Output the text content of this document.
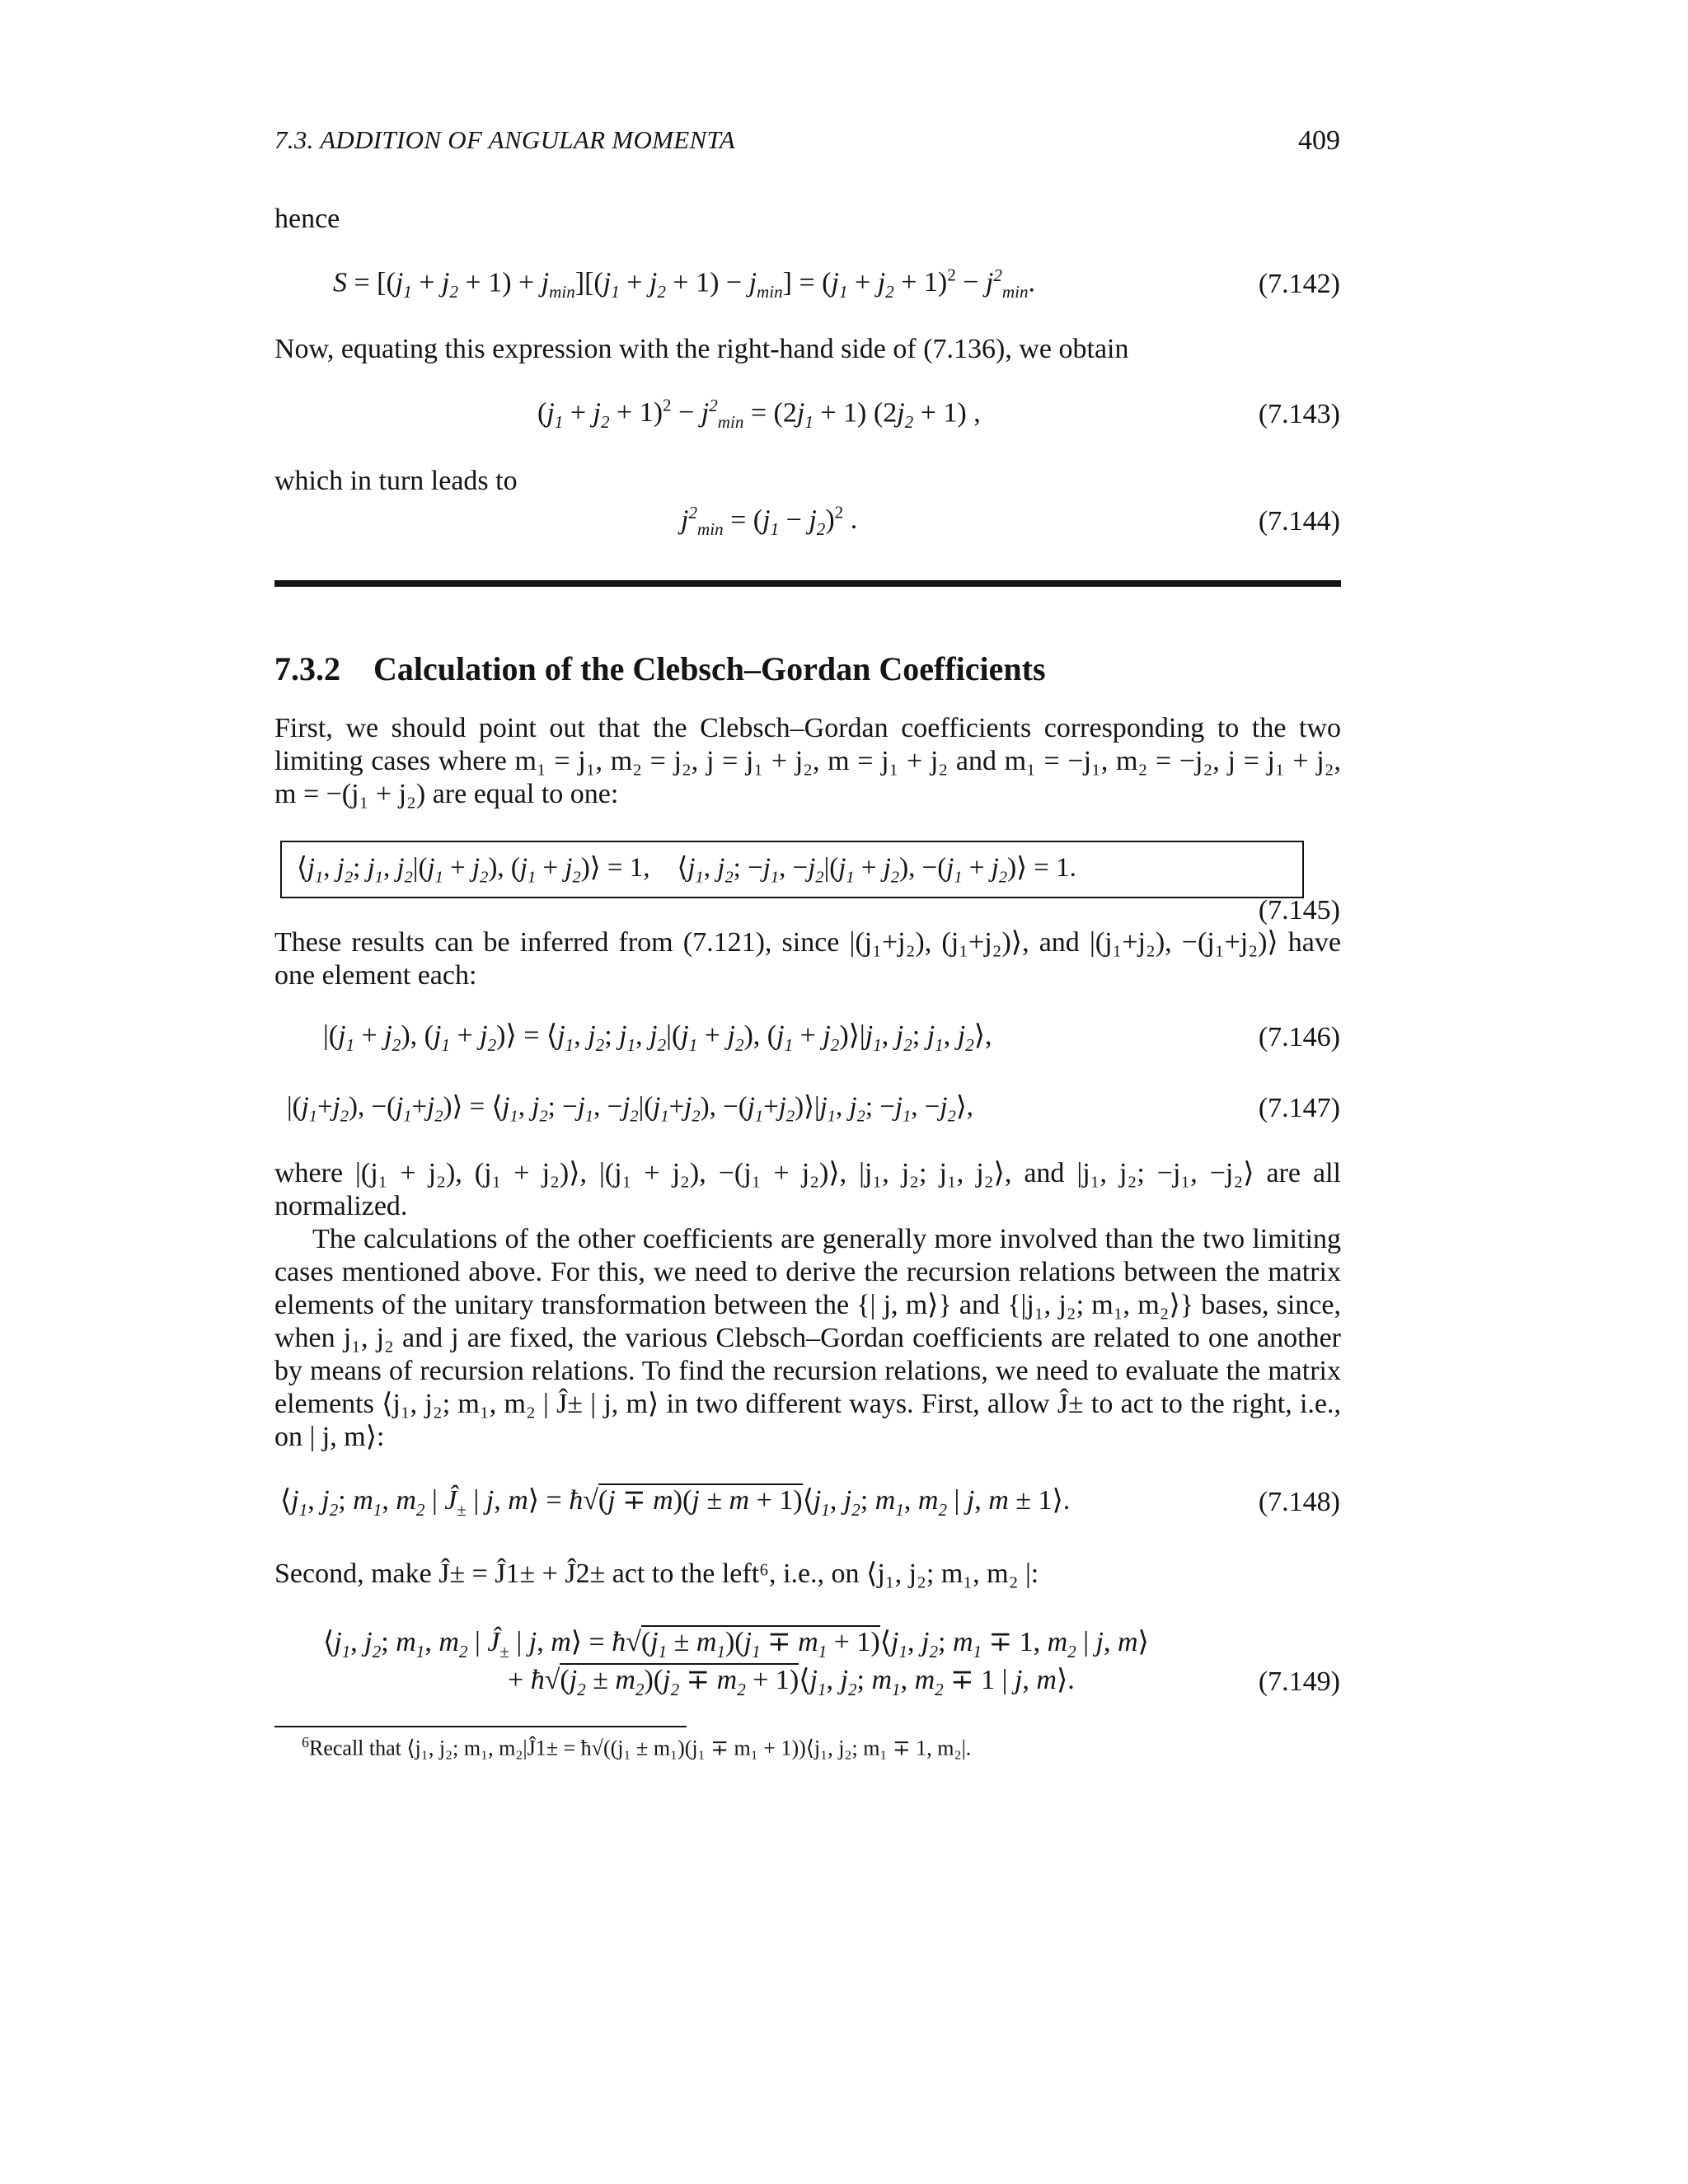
7.3. ADDITION OF ANGULAR MOMENTA	409
hence
$S = [(j_1 + j_2 + 1) + j_{min}][(j_1 + j_2 + 1) - j_{min}] = (j_1 + j_2 + 1)^2 - j^2_{min}$.	(7.142)
Now, equating this expression with the right-hand side of (7.136), we obtain
$(j_1 + j_2 + 1)^2 - j^2_{min} = (2j_1 + 1) (2j_2 + 1)$ ,	(7.143)
which in turn leads to
$j^2_{min} = (j_1 - j_2)^2$ .	(7.144)
7.3.2 Calculation of the Clebsch–Gordan Coefficients
First, we should point out that the Clebsch–Gordan coefficients corresponding to the two limiting cases where m₁ = j₁, m₂ = j₂, j = j₁ + j₂, m = j₁ + j₂ and m₁ = −j₁, m₂ = −j₂, j = j₁ + j₂, m = −(j₁ + j₂) are equal to one:
$⟨j_1$, $j_2$; $j_1$, $j_2|(j_1 + j_2)$, ($j_1$ + $j_2)⟩ = 1$, $⟨j_1$, $j_2$; $-j_1$, $-j_2|(j_1 + j_2)$, $-(j_1$ + $j_2)⟩ = 1$.
(7.145)
These results can be inferred from (7.121), since |(j₁+j₂), (j₁+j₂)⟩, and |(j₁+j₂), −(j₁+j₂)⟩ have one element each:
$|(j_1 + j_2)$, ($j_1$ + $j_2)⟩$ = $⟨j_1$, $j_2$; $j_1$, $j_2|(j_1 + j_2)$, ($j_1$ + $j_2)⟩|j_1$, $j_2$; $j_1$, $j_2⟩$,	(7.146)
$|(j_1+j_2)$, $-(j_1+j_2)⟩$ = $⟨j_1$, $j_2$; $-j_1$, $-j_2|(j_1+j_2)$, $-(j_1+j_2)⟩|j_1$, $j_2$; $-j_1$, $-j_2⟩$,	(7.147)
where |(j₁ + j₂), (j₁ + j₂)⟩, |(j₁ + j₂), −(j₁ + j₂)⟩, |j₁, j₂; j₁, j₂⟩, and |j₁, j₂; −j₁, −j₂⟩ are all normalized.
The calculations of the other coefficients are generally more involved than the two limiting cases mentioned above. For this, we need to derive the recursion relations between the matrix elements of the unitary transformation between the {| j, m⟩} and {|j₁, j₂; m₁, m₂⟩} bases, since, when j₁, j₂ and j are fixed, the various Clebsch–Gordan coefficients are related to one another by means of recursion relations. To find the recursion relations, we need to evaluate the matrix elements ⟨j₁, j₂; m₁, m₂ | Ĵ± | j, m⟩ in two different ways. First, allow Ĵ± to act to the right, i.e., on | j, m⟩:
$⟨j_1$, $j_2$; $m_1$, $m_2$ | $Ĵ_\pm$ | j, m⟩ = ħ√(j ∓ $m)(j \pm m + 1)⟨j_1$, $j_2$; $m_1$, $m_2$ | j, m ± 1⟩.	(7.148)
Second, make Ĵ± = Ĵ1± + Ĵ2± act to the left⁶, i.e., on ⟨j₁, j₂; m₁, m₂ |:
$⟨j_1$, $j_2$; $m_1$, $m_2$ | $Ĵ_\pm$ | j, m⟩ = $ħ√(j_1 \pm m_1)(j_1 \mp m_1$ + $1)⟨j_1$, $j_2$; $m_1 \mp 1$, $m_2$ | j, m⟩
+ $ħ√(j_2 \pm m_2)(j_2 \mp m_2$ + $1)⟨j_1$, $j_2$; $m_1$, $m_2 \mp 1$ | j, m⟩.	(7.149)
$^6$Recall that ⟨j₁, j₂; m₁, m₂|Ĵ1± = ħ√((j₁ ± m₁)(j₁ ∓ m₁ + 1))⟨j₁, j₂; m₁ ∓ 1, m₂|.
